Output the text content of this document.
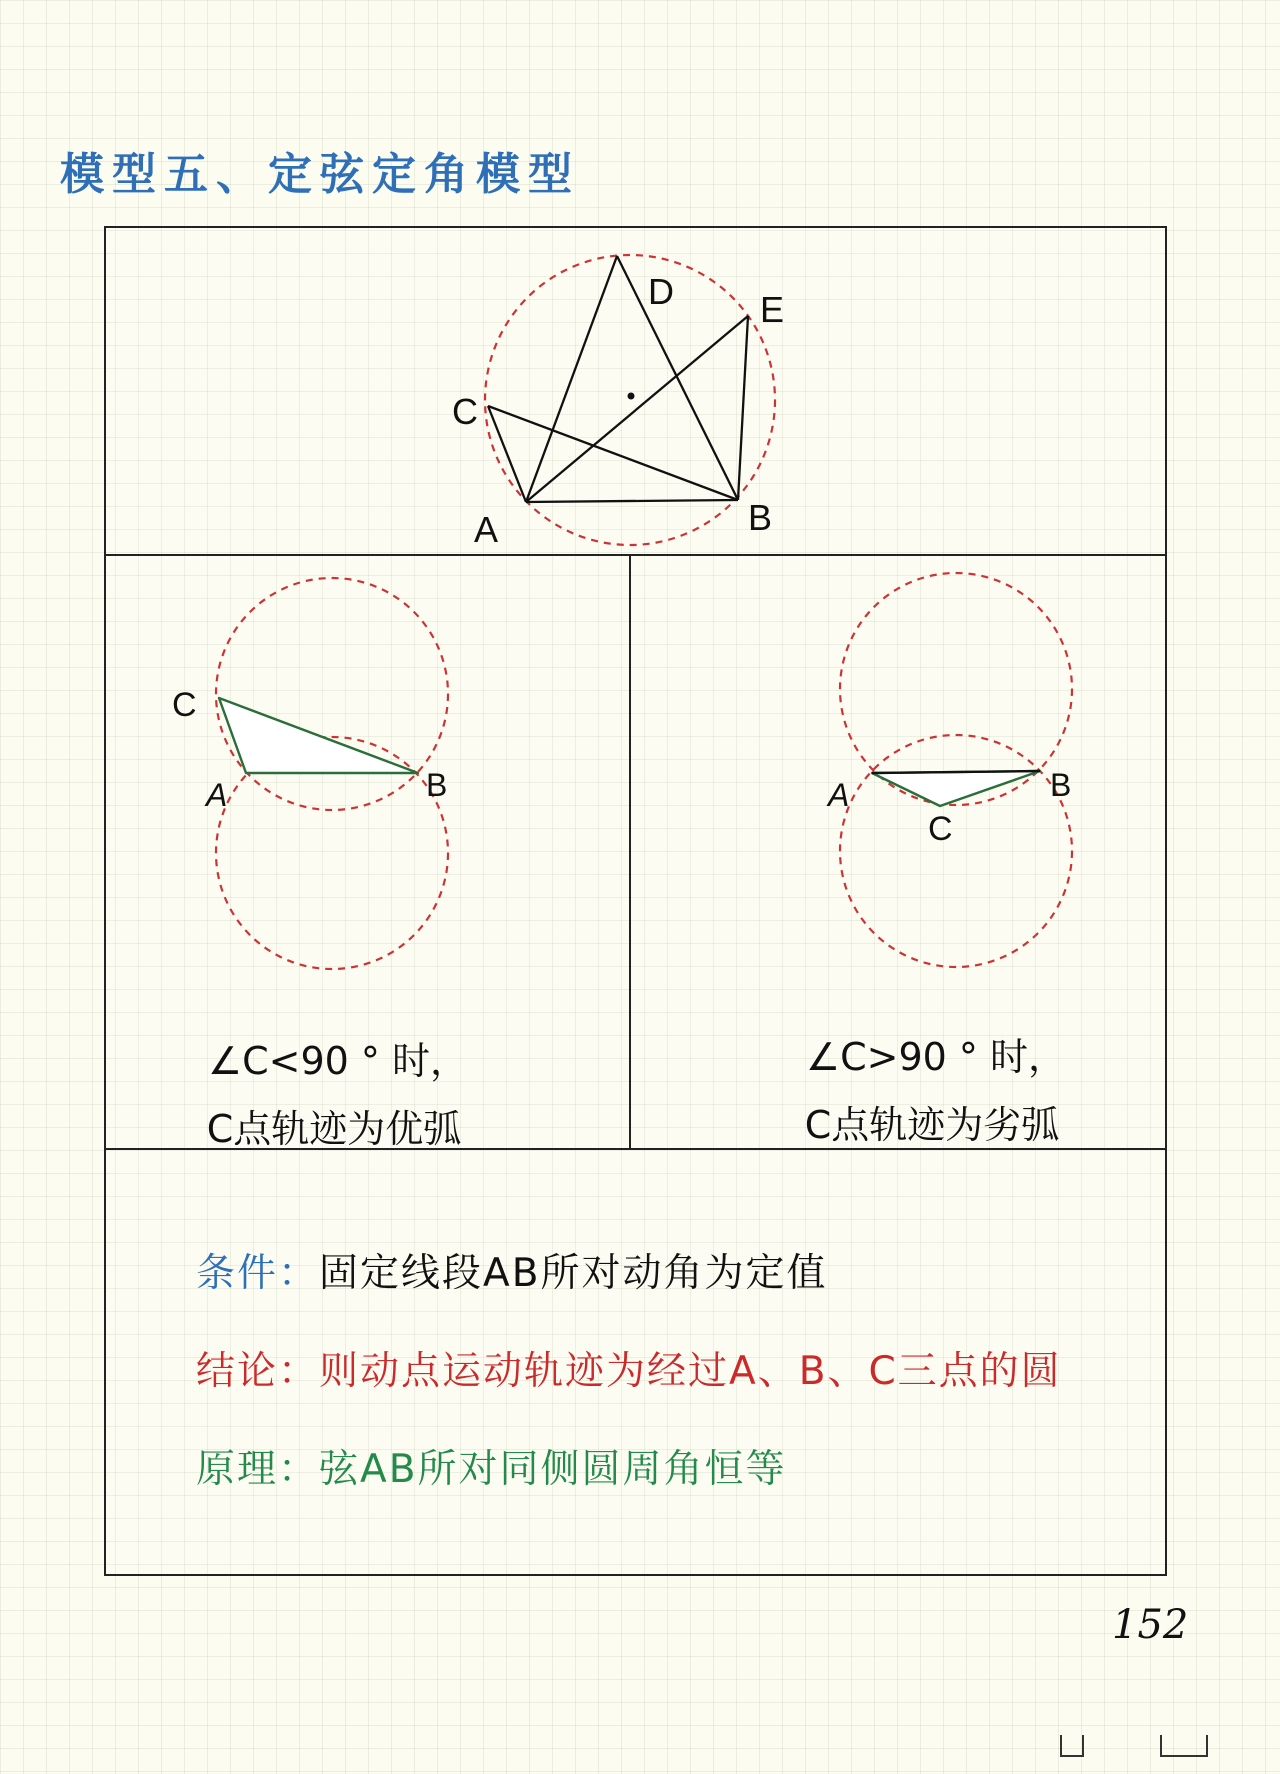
模型五、定弦定角模型
A	B
C
D E
C
A	B	A	B
C
∠C<90 ° 时，
C点轨迹为优弧
∠C>90 ° 时，
C点轨迹为劣弧
条件：固定线段AB所对动角为定值
结论：则动点运动轨迹为经过A、B、C三点的圆
原理：弦AB所对同侧圆周角恒等
152
